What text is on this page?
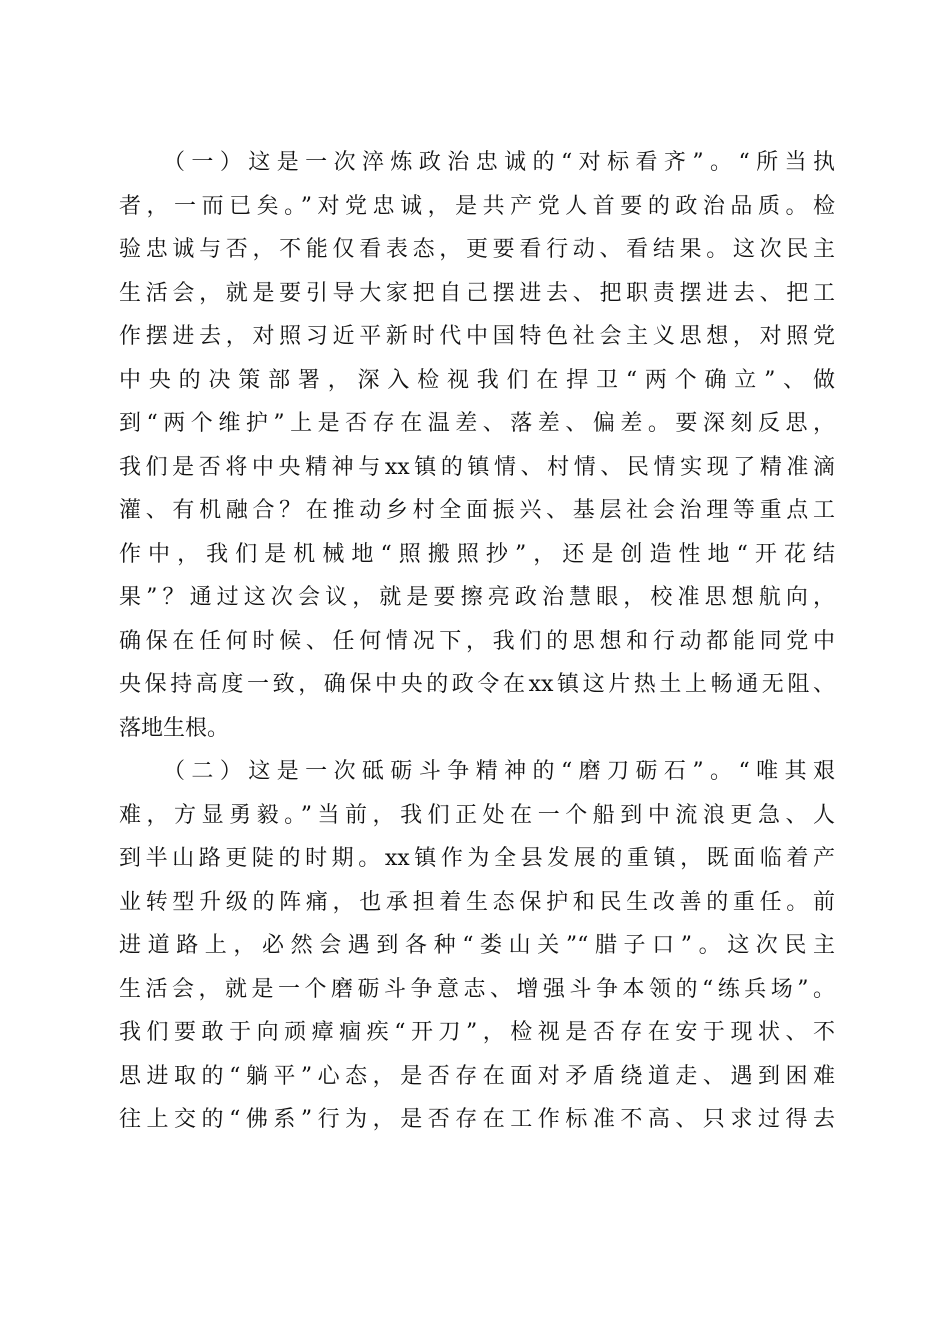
（一）这是一次淬炼政治忠诚的“对标看齐”。“所当执
者，一而已矣。”对党忠诚，是共产党人首要的政治品质。检
验忠诚与否，不能仅看表态，更要看行动、看结果。这次民主
生活会，就是要引导大家把自己摆进去、把职责摆进去、把工
作摆进去，对照习近平新时代中国特色社会主义思想，对照党
中央的决策部署，深入检视我们在捍卫“两个确立”、做
到“两个维护”上是否存在温差、落差、偏差。要深刻反思，
我们是否将中央精神与xx镇的镇情、村情、民情实现了精准滴
灌、有机融合？在推动乡村全面振兴、基层社会治理等重点工
作中，我们是机械地“照搬照抄”，还是创造性地“开花结
果”？通过这次会议，就是要擦亮政治慧眼，校准思想航向，
确保在任何时候、任何情况下，我们的思想和行动都能同党中
央保持高度一致，确保中央的政令在xx镇这片热土上畅通无阻、
落地生根。
（二）这是一次砥砺斗争精神的“磨刀砺石”。“唯其艰
难，方显勇毅。”当前，我们正处在一个船到中流浪更急、人
到半山路更陡的时期。xx镇作为全县发展的重镇，既面临着产
业转型升级的阵痛，也承担着生态保护和民生改善的重任。前
进道路上，必然会遇到各种“娄山关”“腊子口”。这次民主
生活会，就是一个磨砺斗争意志、增强斗争本领的“练兵场”。
我们要敢于向顽瘴痼疾“开刀”，检视是否存在安于现状、不
思进取的“躺平”心态，是否存在面对矛盾绕道走、遇到困难
往上交的“佛系”行为，是否存在工作标准不高、只求过得去
